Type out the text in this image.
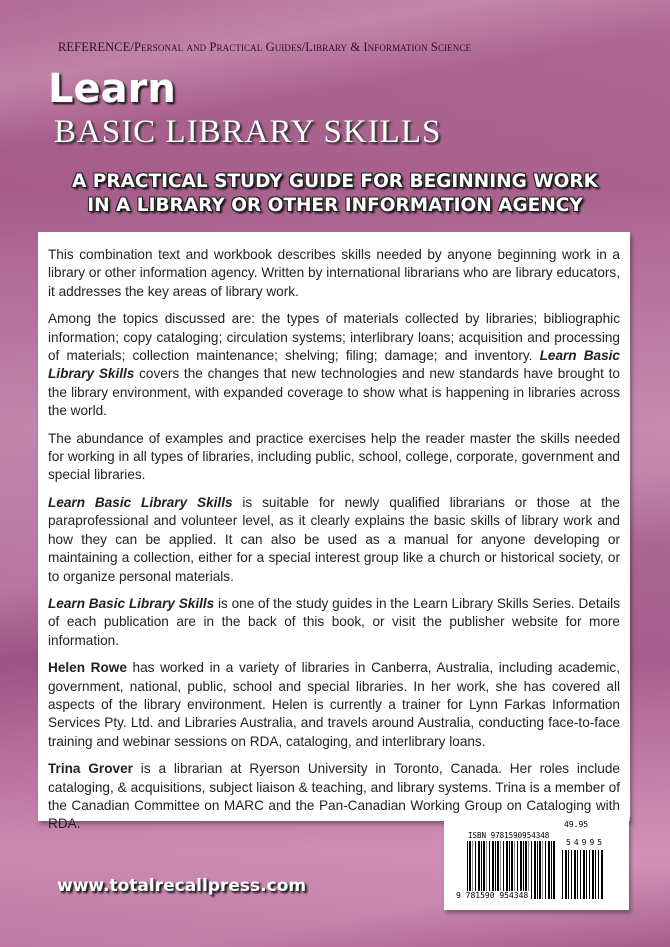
REFERENCE/Personal and Practical Guides/Library & Information Science
Learn
BASIC LIBRARY SKILLS
A PRACTICAL STUDY GUIDE FOR BEGINNING WORK
IN A LIBRARY OR OTHER INFORMATION AGENCY

This combination text and workbook describes skills needed by anyone beginning work in a library or other information agency. Written by international librarians who are library educators, it addresses the key areas of library work.

Among the topics discussed are: the types of materials collected by libraries; bibliographic information; copy cataloging; circulation systems; interlibrary loans; acquisition and processing of materials; collection maintenance; shelving; filing; damage; and inventory. Learn Basic Library Skills covers the changes that new technologies and new standards have brought to the library environment, with expanded coverage to show what is happening in libraries across the world.

The abundance of examples and practice exercises help the reader master the skills needed for working in all types of libraries, including public, school, college, corporate, government and special libraries.

Learn Basic Library Skills is suitable for newly qualified librarians or those at the paraprofessional and volunteer level, as it clearly explains the basic skills of library work and how they can be applied. It can also be used as a manual for anyone developing or maintaining a collection, either for a special interest group like a church or historical society, or to organize personal materials.

Learn Basic Library Skills is one of the study guides in the Learn Library Skills Series. Details of each publication are in the back of this book, or visit the publisher website for more information.

Helen Rowe has worked in a variety of libraries in Canberra, Australia, including academic, government, national, public, school and special libraries. In her work, she has covered all aspects of the library environment. Helen is currently a trainer for Lynn Farkas Information Services Pty. Ltd. and Libraries Australia, and travels around Australia, conducting face-to-face training and webinar sessions on RDA, cataloging, and interlibrary loans.

Trina Grover is a librarian at Ryerson University in Toronto, Canada. Her roles include cataloging, & acquisitions, subject liaison & teaching, and library systems. Trina is a member of the Canadian Committee on MARC and the Pan-Canadian Working Group on Cataloging with RDA.	49.95
ISBN 9781590954348
9 781590 954348
54995
www.totalrecallpress.com
